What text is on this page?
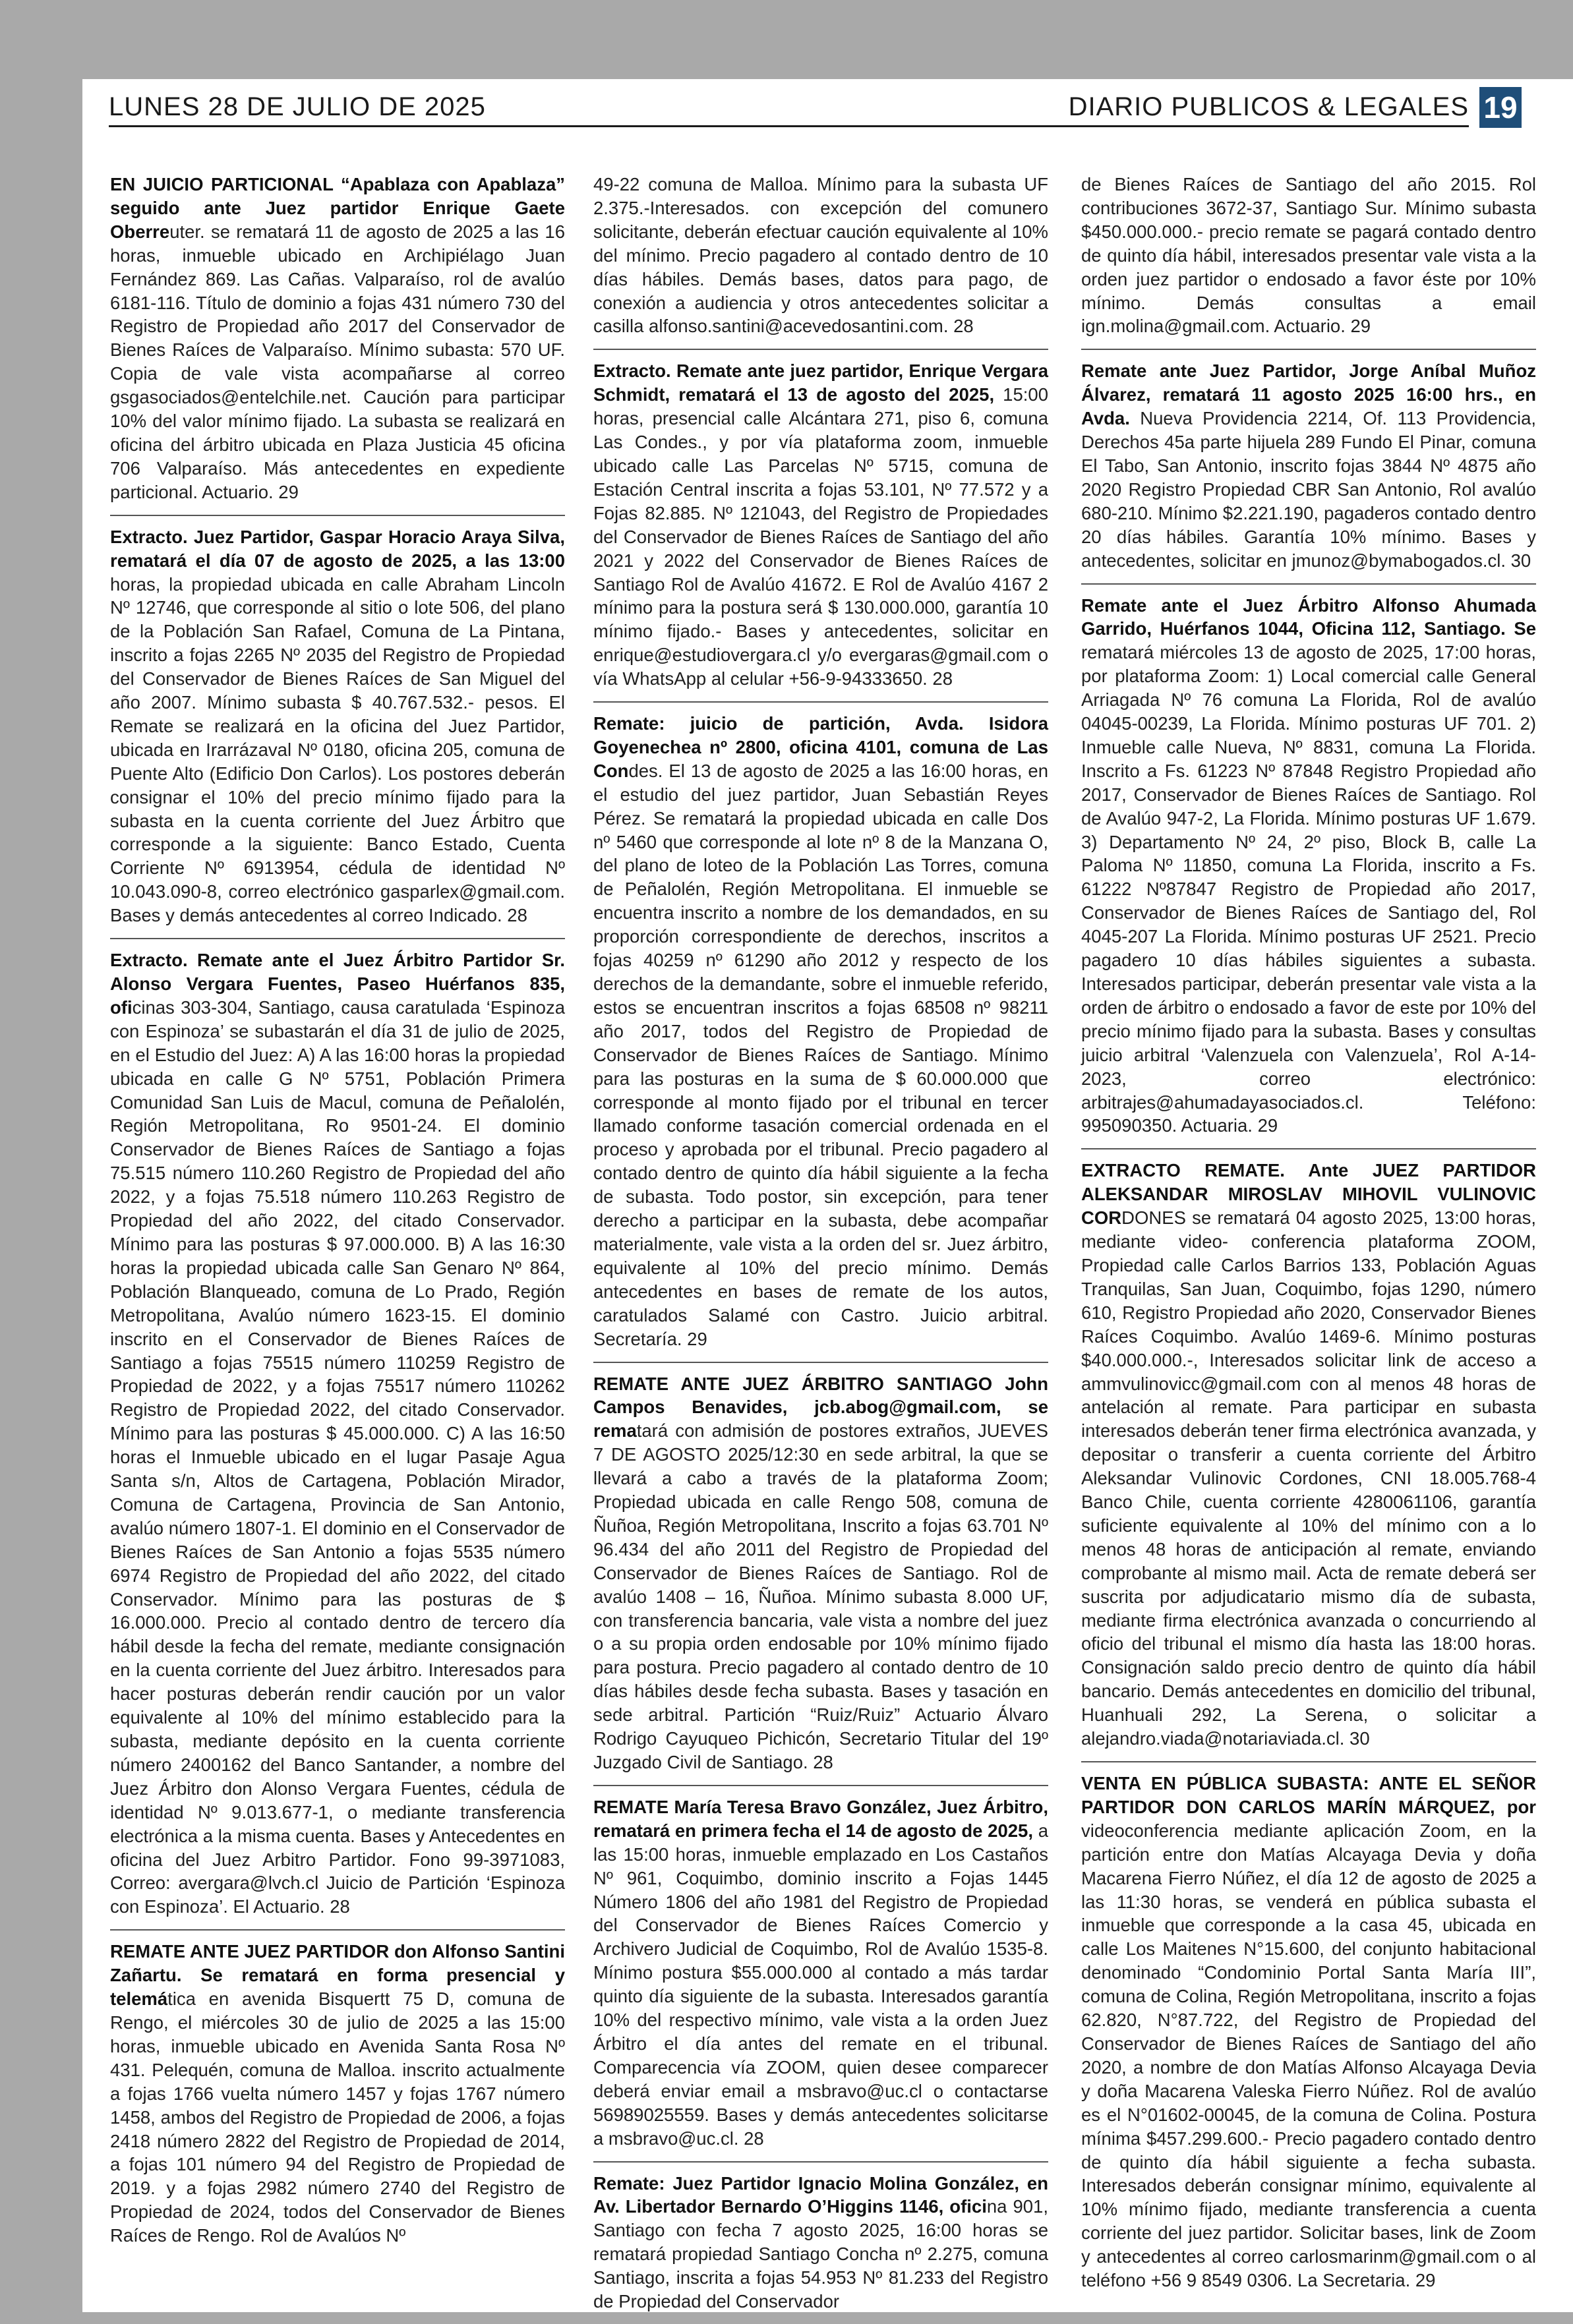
LUNES 28 DE JULIO DE 2025	DIARIO PUBLICOS & LEGALES 19

EN JUICIO PARTICIONAL “Apablaza con Apablaza” seguido ante Juez partidor Enrique Gaete Oberreuter. se rematará 11 de agosto de 2025 a las 16 horas, inmueble ubicado en Archipiélago Juan Fernández 869. Las Cañas. Valparaíso, rol de avalúo 6181-116. Título de dominio a fojas 431 número 730 del Registro de Propiedad año 2017 del Conservador de Bienes Raíces de Valparaíso. Mínimo subasta: 570 UF. Copia de vale vista acompañarse al correo gsgasociados@entelchile.net. Caución para participar 10% del valor mínimo fijado. La subasta se realizará en oficina del árbitro ubicada en Plaza Justicia 45 oficina 706 Valparaíso. Más antecedentes en expediente particional. Actuario. 29

Extracto. Juez Partidor, Gaspar Horacio Araya Silva, rematará el día 07 de agosto de 2025, a las 13:00 horas, la propiedad ubicada en calle Abraham Lincoln Nº 12746, que corresponde al sitio o lote 506, del plano de la Población San Rafael, Comuna de La Pintana, inscrito a fojas 2265 Nº 2035 del Registro de Propiedad del Conservador de Bienes Raíces de San Miguel del año 2007. Mínimo subasta $ 40.767.532.- pesos. El Remate se realizará en la oficina del Juez Partidor, ubicada en Irarrázaval Nº 0180, oficina 205, comuna de Puente Alto (Edificio Don Carlos). Los postores deberán consignar el 10% del precio mínimo fijado para la subasta en la cuenta corriente del Juez Árbitro que corresponde a la siguiente: Banco Estado, Cuenta Corriente Nº 6913954, cédula de identidad Nº 10.043.090-8, correo electrónico gasparlex@gmail.com. Bases y demás antecedentes al correo Indicado. 28

Extracto. Remate ante el Juez Árbitro Partidor Sr. Alonso Vergara Fuentes, Paseo Huérfanos 835, oficinas 303-304, Santiago, causa caratulada ‘Espinoza con Espinoza’ se subastarán el día 31 de julio de 2025, en el Estudio del Juez: A) A las 16:00 horas la propiedad ubicada en calle G Nº 5751, Población Primera Comunidad San Luis de Macul, comuna de Peñalolén, Región Metropolitana, Ro 9501-24. El dominio Conservador de Bienes Raíces de Santiago a fojas 75.515 número 110.260 Registro de Propiedad del año 2022, y a fojas 75.518 número 110.263 Registro de Propiedad del año 2022, del citado Conservador. Mínimo para las posturas $ 97.000.000. B) A las 16:30 horas la propiedad ubicada calle San Genaro Nº 864, Población Blanqueado, comuna de Lo Prado, Región Metropolitana, Avalúo número 1623-15. El dominio inscrito en el Conservador de Bienes Raíces de Santiago a fojas 75515 número 110259 Registro de Propiedad de 2022, y a fojas 75517 número 110262 Registro de Propiedad 2022, del citado Conservador. Mínimo para las posturas $ 45.000.000. C) A las 16:50 horas el Inmueble ubicado en el lugar Pasaje Agua Santa s/n, Altos de Cartagena, Población Mirador, Comuna de Cartagena, Provincia de San Antonio, avalúo número 1807-1. El dominio en el Conservador de Bienes Raíces de San Antonio a fojas 5535 número 6974 Registro de Propiedad del año 2022, del citado Conservador. Mínimo para las posturas de $ 16.000.000. Precio al contado dentro de tercero día hábil desde la fecha del remate, mediante consignación en la cuenta corriente del Juez árbitro. Interesados para hacer posturas deberán rendir caución por un valor equivalente al 10% del mínimo establecido para la subasta, mediante depósito en la cuenta corriente número 2400162 del Banco Santander, a nombre del Juez Árbitro don Alonso Vergara Fuentes, cédula de identidad Nº 9.013.677-1, o mediante transferencia electrónica a la misma cuenta. Bases y Antecedentes en oficina del Juez Arbitro Partidor. Fono 99-3971083, Correo: avergara@lvch.cl Juicio de Partición ‘Espinoza con Espinoza’. El Actuario. 28

REMATE ANTE JUEZ PARTIDOR don Alfonso Santini Zañartu. Se rematará en forma presencial y telemática en avenida Bisquertt 75 D, comuna de Rengo, el miércoles 30 de julio de 2025 a las 15:00 horas, inmueble ubicado en Avenida Santa Rosa Nº 431. Pelequén, comuna de Malloa. inscrito actualmente a fojas 1766 vuelta número 1457 y fojas 1767 número 1458, ambos del Registro de Propiedad de 2006, a fojas 2418 número 2822 del Registro de Propiedad de 2014, a fojas 101 número 94 del Registro de Propiedad de 2019. y a fojas 2982 número 2740 del Registro de Propiedad de 2024, todos del Conservador de Bienes Raíces de Rengo. Rol de Avalúos Nº

49-22 comuna de Malloa. Mínimo para la subasta UF 2.375.-Interesados. con excepción del comunero solicitante, deberán efectuar caución equivalente al 10% del mínimo. Precio pagadero al contado dentro de 10 días hábiles. Demás bases, datos para pago, de conexión a audiencia y otros antecedentes solicitar a casilla alfonso.santini@acevedosantini.com. 28

Extracto. Remate ante juez partidor, Enrique Vergara Schmidt, rematará el 13 de agosto del 2025, 15:00 horas, presencial calle Alcántara 271, piso 6, comuna Las Condes., y por vía plataforma zoom, inmueble ubicado calle Las Parcelas Nº 5715, comuna de Estación Central inscrita a fojas 53.101, Nº 77.572 y a Fojas 82.885. Nº 121043, del Registro de Propiedades del Conservador de Bienes Raíces de Santiago del año 2021 y 2022 del Conservador de Bienes Raíces de Santiago Rol de Avalúo 41672. E Rol de Avalúo 4167 2 mínimo para la postura será $ 130.000.000, garantía 10 mínimo fijado.- Bases y antecedentes, solicitar en enrique@estudiovergara.cl y/o evergaras@gmail.com o vía WhatsApp al celular +56-9-94333650. 28

Remate: juicio de partición, Avda. Isidora Goyenechea nº 2800, oficina 4101, comuna de Las Condes. El 13 de agosto de 2025 a las 16:00 horas, en el estudio del juez partidor, Juan Sebastián Reyes Pérez. Se rematará la propiedad ubicada en calle Dos nº 5460 que corresponde al lote nº 8 de la Manzana O, del plano de loteo de la Población Las Torres, comuna de Peñalolén, Región Metropolitana. El inmueble se encuentra inscrito a nombre de los demandados, en su proporción correspondiente de derechos, inscritos a fojas 40259 nº 61290 año 2012 y respecto de los derechos de la demandante, sobre el inmueble referido, estos se encuentran inscritos a fojas 68508 nº 98211 año 2017, todos del Registro de Propiedad de Conservador de Bienes Raíces de Santiago. Mínimo para las posturas en la suma de $ 60.000.000 que corresponde al monto fijado por el tribunal en tercer llamado conforme tasación comercial ordenada en el proceso y aprobada por el tribunal. Precio pagadero al contado dentro de quinto día hábil siguiente a la fecha de subasta. Todo postor, sin excepción, para tener derecho a participar en la subasta, debe acompañar materialmente, vale vista a la orden del sr. Juez árbitro, equivalente al 10% del precio mínimo. Demás antecedentes en bases de remate de los autos, caratulados Salamé con Castro. Juicio arbitral. Secretaría. 29

REMATE ANTE JUEZ ÁRBITRO SANTIAGO John Campos Benavides, jcb.abog@gmail.com, se rematará con admisión de postores extraños, JUEVES 7 DE AGOSTO 2025/12:30 en sede arbitral, la que se llevará a cabo a través de la plataforma Zoom; Propiedad ubicada en calle Rengo 508, comuna de Ñuñoa, Región Metropolitana, Inscrito a fojas 63.701 Nº 96.434 del año 2011 del Registro de Propiedad del Conservador de Bienes Raíces de Santiago. Rol de avalúo 1408 – 16, Ñuñoa. Mínimo subasta 8.000 UF, con transferencia bancaria, vale vista a nombre del juez o a su propia orden endosable por 10% mínimo fijado para postura. Precio pagadero al contado dentro de 10 días hábiles desde fecha subasta. Bases y tasación en sede arbitral. Partición “Ruiz/Ruiz” Actuario Álvaro Rodrigo Cayuqueo Pichicón, Secretario Titular del 19º Juzgado Civil de Santiago. 28

REMATE María Teresa Bravo González, Juez Árbitro, rematará en primera fecha el 14 de agosto de 2025, a las 15:00 horas, inmueble emplazado en Los Castaños Nº 961, Coquimbo, dominio inscrito a Fojas 1445 Número 1806 del año 1981 del Registro de Propiedad del Conservador de Bienes Raíces Comercio y Archivero Judicial de Coquimbo, Rol de Avalúo 1535-8. Mínimo postura $55.000.000 al contado a más tardar quinto día siguiente de la subasta. Interesados garantía 10% del respectivo mínimo, vale vista a la orden Juez Árbitro el día antes del remate en el tribunal. Comparecencia vía ZOOM, quien desee comparecer deberá enviar email a msbravo@uc.cl o contactarse 56989025559. Bases y demás antecedentes solicitarse a msbravo@uc.cl. 28

Remate: Juez Partidor Ignacio Molina González, en Av. Libertador Bernardo O’Higgins 1146, oficina 901, Santiago con fecha 7 agosto 2025, 16:00 horas se rematará propiedad Santiago Concha nº 2.275, comuna Santiago, inscrita a fojas 54.953 Nº 81.233 del Registro de Propiedad del Conservador

de Bienes Raíces de Santiago del año 2015. Rol contribuciones 3672-37, Santiago Sur. Mínimo subasta $450.000.000.- precio remate se pagará contado dentro de quinto día hábil, interesados presentar vale vista a la orden juez partidor o endosado a favor éste por 10% mínimo. Demás consultas a email ign.molina@gmail.com. Actuario. 29

Remate ante Juez Partidor, Jorge Aníbal Muñoz Álvarez, rematará 11 agosto 2025 16:00 hrs., en Avda. Nueva Providencia 2214, Of. 113 Providencia, Derechos 45a parte hijuela 289 Fundo El Pinar, comuna El Tabo, San Antonio, inscrito fojas 3844 Nº 4875 año 2020 Registro Propiedad CBR San Antonio, Rol avalúo 680-210. Mínimo $2.221.190, pagaderos contado dentro 20 días hábiles. Garantía 10% mínimo. Bases y antecedentes, solicitar en jmunoz@bymabogados.cl. 30

Remate ante el Juez Árbitro Alfonso Ahumada Garrido, Huérfanos 1044, Oficina 112, Santiago. Se rematará miércoles 13 de agosto de 2025, 17:00 horas, por plataforma Zoom: 1) Local comercial calle General Arriagada Nº 76 comuna La Florida, Rol de avalúo 04045-00239, La Florida. Mínimo posturas UF 701. 2) Inmueble calle Nueva, Nº 8831, comuna La Florida. Inscrito a Fs. 61223 Nº 87848 Registro Propiedad año 2017, Conservador de Bienes Raíces de Santiago. Rol de Avalúo 947-2, La Florida. Mínimo posturas UF 1.679. 3) Departamento Nº 24, 2º piso, Block B, calle La Paloma Nº 11850, comuna La Florida, inscrito a Fs. 61222 Nº87847 Registro de Propiedad año 2017, Conservador de Bienes Raíces de Santiago del, Rol 4045-207 La Florida. Mínimo posturas UF 2521. Precio pagadero 10 días hábiles siguientes a subasta. Interesados participar, deberán presentar vale vista a la orden de árbitro o endosado a favor de este por 10% del precio mínimo fijado para la subasta. Bases y consultas juicio arbitral ‘Valenzuela con Valenzuela’, Rol A-14-2023, correo electrónico: arbitrajes@ahumadayasociados.cl. Teléfono: 995090350. Actuaria. 29

EXTRACTO REMATE. Ante JUEZ PARTIDOR ALEKSANDAR MIROSLAV MIHOVIL VULINOVIC CORDONES se rematará 04 agosto 2025, 13:00 horas, mediante video- conferencia plataforma ZOOM, Propiedad calle Carlos Barrios 133, Población Aguas Tranquilas, San Juan, Coquimbo, fojas 1290, número 610, Registro Propiedad año 2020, Conservador Bienes Raíces Coquimbo. Avalúo 1469-6. Mínimo posturas $40.000.000.-, Interesados solicitar link de acceso a ammvulinovicc@gmail.com con al menos 48 horas de antelación al remate. Para participar en subasta interesados deberán tener firma electrónica avanzada, y depositar o transferir a cuenta corriente del Árbitro Aleksandar Vulinovic Cordones, CNI 18.005.768-4 Banco Chile, cuenta corriente 4280061106, garantía suficiente equivalente al 10% del mínimo con a lo menos 48 horas de anticipación al remate, enviando comprobante al mismo mail. Acta de remate deberá ser suscrita por adjudicatario mismo día de subasta, mediante firma electrónica avanzada o concurriendo al oficio del tribunal el mismo día hasta las 18:00 horas. Consignación saldo precio dentro de quinto día hábil bancario. Demás antecedentes en domicilio del tribunal, Huanhuali 292, La Serena, o solicitar a alejandro.viada@notariaviada.cl. 30

VENTA EN PÚBLICA SUBASTA: ANTE EL SEÑOR PARTIDOR DON CARLOS MARÍN MÁRQUEZ, por videoconferencia mediante aplicación Zoom, en la partición entre don Matías Alcayaga Devia y doña Macarena Fierro Núñez, el día 12 de agosto de 2025 a las 11:30 horas, se venderá en pública subasta el inmueble que corresponde a la casa 45, ubicada en calle Los Maitenes N°15.600, del conjunto habitacional denominado “Condominio Portal Santa María III”, comuna de Colina, Región Metropolitana, inscrito a fojas 62.820, N°87.722, del Registro de Propiedad del Conservador de Bienes Raíces de Santiago del año 2020, a nombre de don Matías Alfonso Alcayaga Devia y doña Macarena Valeska Fierro Núñez. Rol de avalúo es el N°01602-00045, de la comuna de Colina. Postura mínima $457.299.600.- Precio pagadero contado dentro de quinto día hábil siguiente a fecha subasta. Interesados deberán consignar mínimo, equivalente al 10% mínimo fijado, mediante transferencia a cuenta corriente del juez partidor. Solicitar bases, link de Zoom y antecedentes al correo carlosmarinm@gmail.com o al teléfono +56 9 8549 0306. La Secretaria. 29
